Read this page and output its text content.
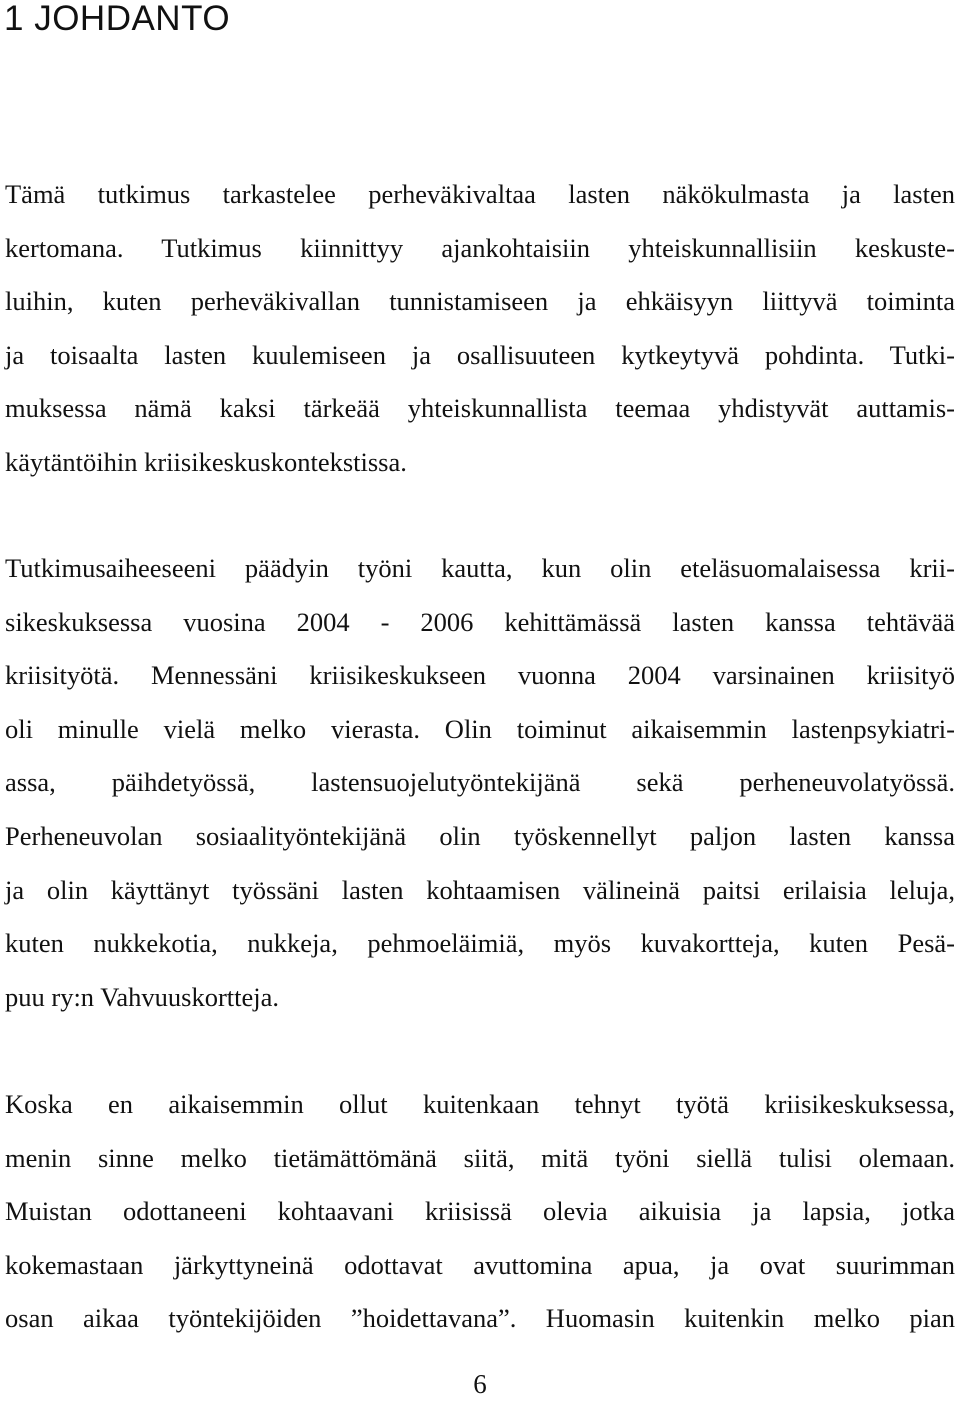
1 JOHDANTO
Tämä tutkimus tarkastelee perheväkivaltaa lasten näkökulmasta ja lasten
kertomana. Tutkimus kiinnittyy ajankohtaisiin yhteiskunnallisiin keskuste-
luihin, kuten perheväkivallan tunnistamiseen ja ehkäisyyn liittyvä toiminta
ja toisaalta lasten kuulemiseen ja osallisuuteen kytkeytyvä pohdinta. Tutki-
muksessa nämä kaksi tärkeää yhteiskunnallista teemaa yhdistyvät auttamis-
käytäntöihin kriisikeskuskontekstissa.
Tutkimusaiheeseeni päädyin työni kautta, kun olin eteläsuomalaisessa krii-
sikeskuksessa vuosina 2004 - 2006 kehittämässä lasten kanssa tehtävää
kriisityötä. Mennessäni kriisikeskukseen vuonna 2004 varsinainen kriisityö
oli minulle vielä melko vierasta. Olin toiminut aikaisemmin lastenpsykiatri-
assa, päihdetyössä, lastensuojelutyöntekijänä sekä perheneuvolatyössä.
Perheneuvolan sosiaalityöntekijänä olin työskennellyt paljon lasten kanssa
ja olin käyttänyt työssäni lasten kohtaamisen välineinä paitsi erilaisia leluja,
kuten nukkekotia, nukkeja, pehmoeläimiä, myös kuvakortteja, kuten Pesä-
puu ry:n Vahvuuskortteja.
Koska en aikaisemmin ollut kuitenkaan tehnyt työtä kriisikeskuksessa,
menin sinne melko tietämättömänä siitä, mitä työni siellä tulisi olemaan.
Muistan odottaneeni kohtaavani kriisissä olevia aikuisia ja lapsia, jotka
kokemastaan järkyttyneinä odottavat avuttomina apua, ja ovat suurimman
osan aikaa työntekijöiden ”hoidettavana”. Huomasin kuitenkin melko pian
6
